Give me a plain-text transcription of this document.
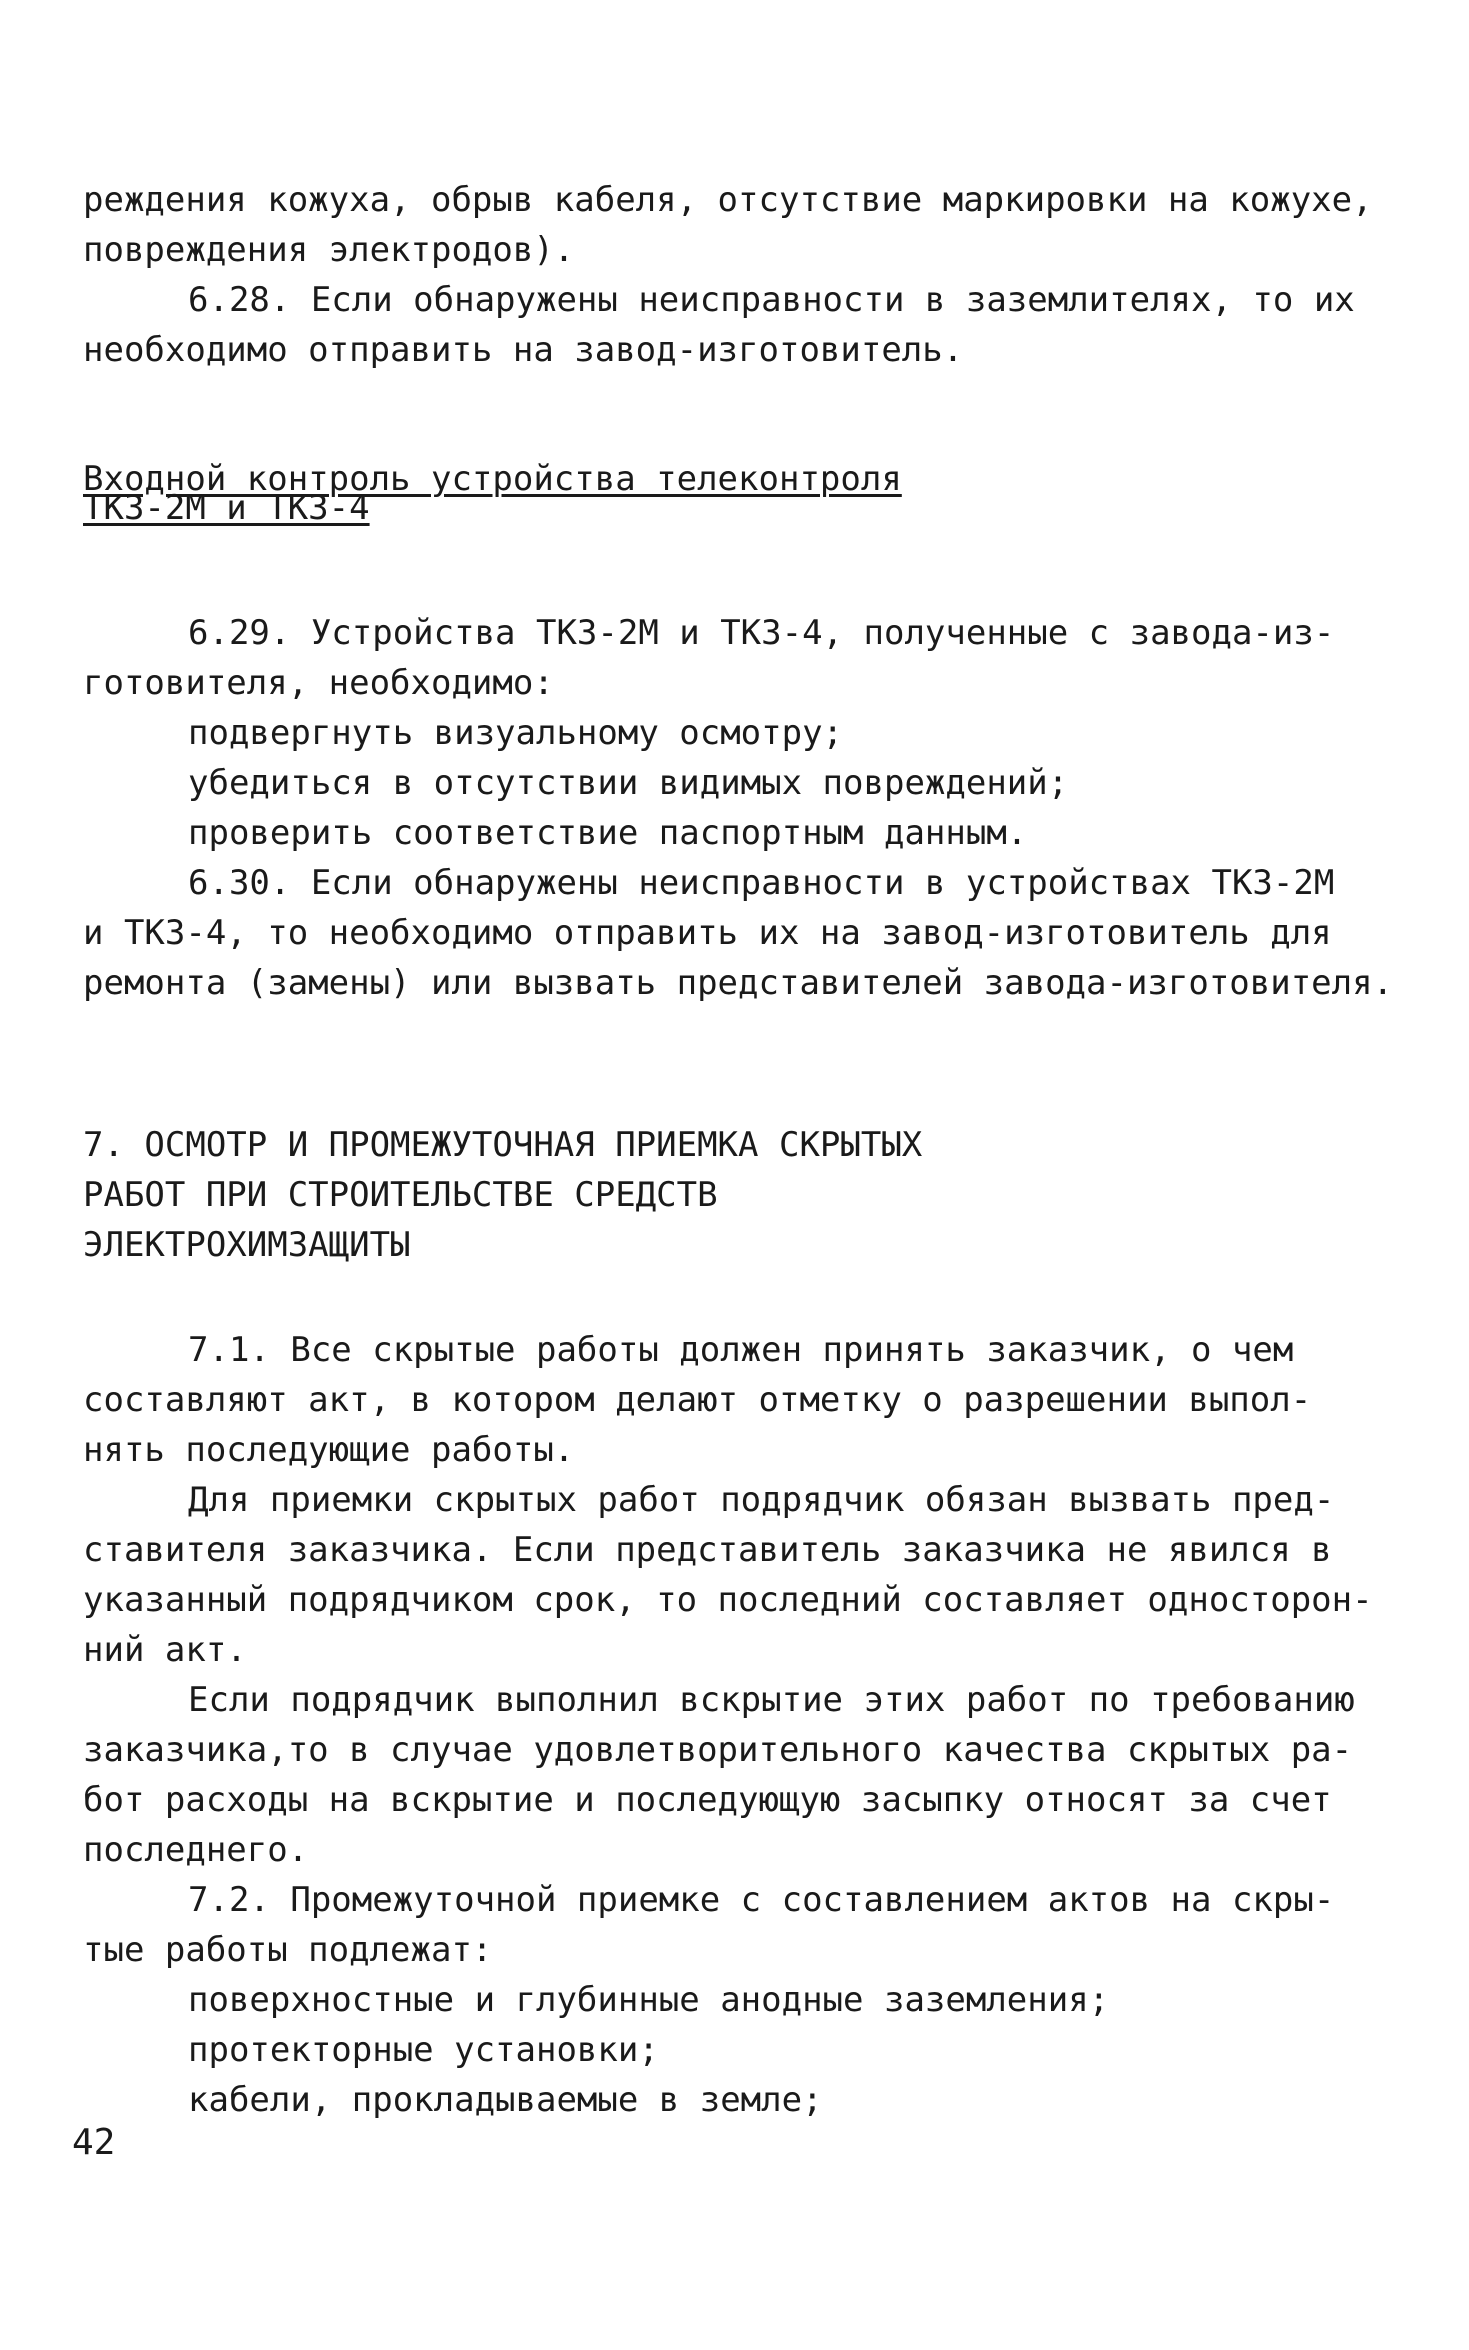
реждения кожуха, обрыв кабеля, отсутствие маркировки на кожухе,
повреждения электродов).
6.28. Если обнаружены неисправности в заземлителях, то их
необходимо отправить на завод-изготовитель.
Входной контроль устройства телеконтроля
ТКЗ-2М и ТКЗ-4
6.29. Устройства ТКЗ-2М и ТКЗ-4, полученные с завода-из-
готовителя, необходимо:
подвергнуть визуальному осмотру;
убедиться в отсутствии видимых повреждений;
проверить соответствие паспортным данным.
6.30. Если обнаружены неисправности в устройствах ТКЗ-2М
и ТКЗ-4, то необходимо отправить их на завод-изготовитель для
ремонта (замены) или вызвать представителей завода-изготовителя.
7. ОСМОТР И ПРОМЕЖУТОЧНАЯ ПРИЕМКА СКРЫТЫХ
РАБОТ ПРИ СТРОИТЕЛЬСТВЕ СРЕДСТВ
ЭЛЕКТРОХИМЗАЩИТЫ
7.1. Все скрытые работы должен принять заказчик, о чем
составляют акт, в котором делают отметку о разрешении выпол-
нять последующие работы.
Для приемки скрытых работ подрядчик обязан вызвать пред-
ставителя заказчика. Если представитель заказчика не явился в
указанный подрядчиком срок, то последний составляет односторон-
ний акт.
Если подрядчик выполнил вскрытие этих работ по требованию
заказчика,то в случае удовлетворительного качества скрытых ра-
бот расходы на вскрытие и последующую засыпку относят за счет
последнего.
7.2. Промежуточной приемке с составлением актов на скры-
тые работы подлежат:
поверхностные и глубинные анодные заземления;
протекторные установки;
кабели, прокладываемые в земле;
42
